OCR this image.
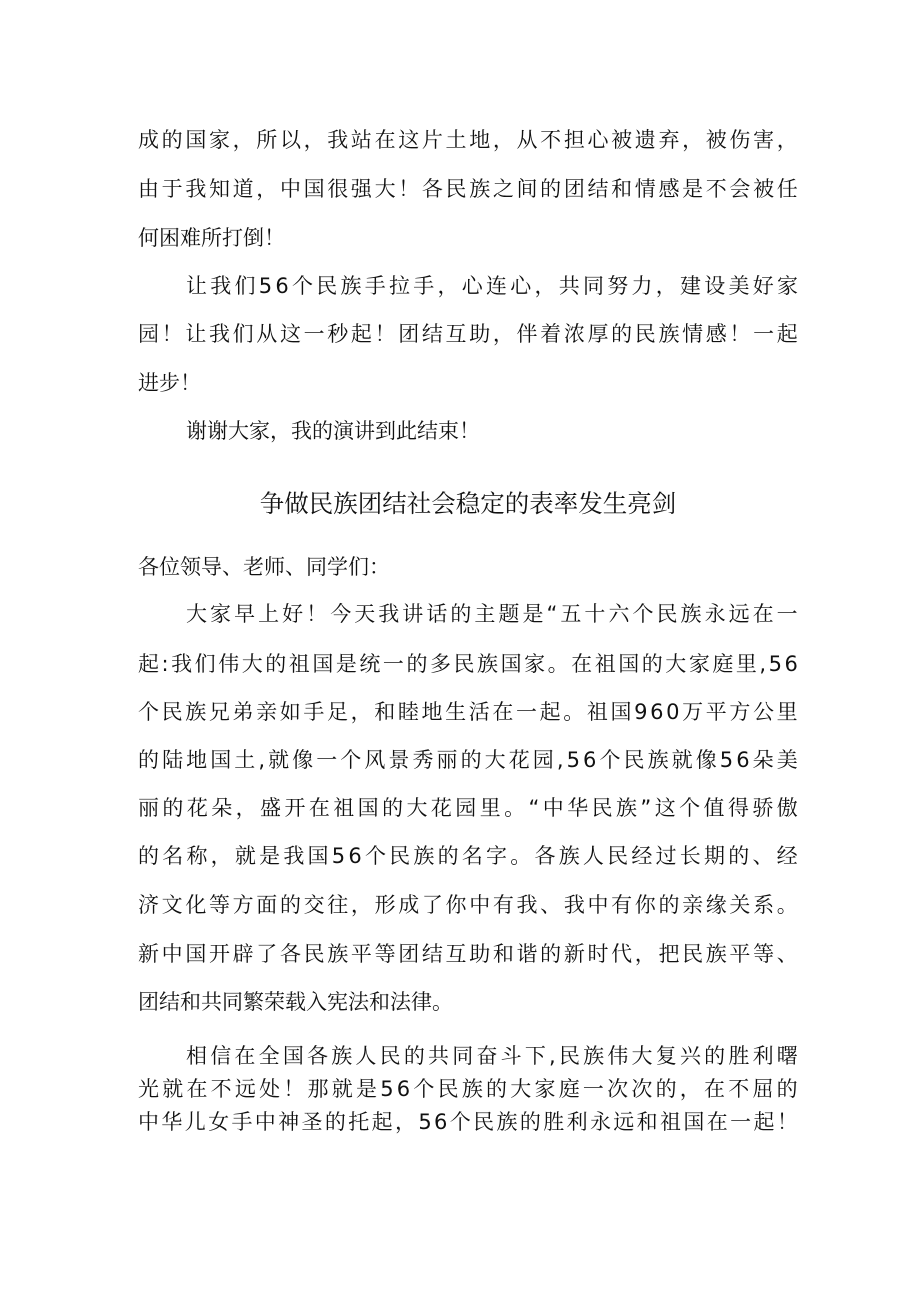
成 的 国 家 ， 所 以 ， 我 站 在 这 片 土 地 ， 从 不 担 心 被 遗 弃 ， 被 伤 害 ，
由 于 我 知 道 ， 中 国 很 强 大 ！ 各 民 族 之 间 的 团 结 和 情 感 是 不 会 被 任
何困难所打倒！
让 我 们 5 6 个 民 族 手 拉 手 ， 心 连 心 ， 共 同 努 力 ， 建 设 美 好 家
园 ！ 让 我 们 从 这 一 秒 起 ！ 团 结 互 助 ， 伴 着 浓 厚 的 民 族 情 感 ！ 一 起
进步！
谢谢大家，我的演讲到此结束！
争做民族团结社会稳定的表率发生亮剑
各位领导、老师、同学们：
大 家 早 上 好 ！ 今 天 我 讲 话 的 主 题 是 “ 五 十 六 个 民 族 永 远 在 一
起 : 我 们 伟 大 的 祖 国 是 统 一 的 多 民 族 国 家 。 在 祖 国 的 大 家 庭 里 , 5 6
个 民 族 兄 弟 亲 如 手 足 ， 和 睦 地 生 活 在 一 起 。 祖 国 9 6 0 万 平 方 公 里
的 陆 地 国 土 , 就 像 一 个 风 景 秀 丽 的 大 花 园 , 5 6 个 民 族 就 像 5 6 朵 美
丽 的 花 朵 ， 盛 开 在 祖 国 的 大 花 园 里 。 “ 中 华 民 族 ” 这 个 值 得 骄 傲
的 名 称 ， 就 是 我 国 5 6 个 民 族 的 名 字 。 各 族 人 民 经 过 长 期 的 、 经
济 文 化 等 方 面 的 交 往 ， 形 成 了 你 中 有 我 、 我 中 有 你 的 亲 缘 关 系 。
新 中 国 开 辟 了 各 民 族 平 等 团 结 互 助 和 谐 的 新 时 代 ， 把 民 族 平 等 、
团结和共同繁荣载入宪法和法律。
相 信 在 全 国 各 族 人 民 的 共 同 奋 斗 下 , 民 族 伟 大 复 兴 的 胜 利 曙
光 就 在 不 远 处 ！ 那 就 是 5 6 个 民 族 的 大 家 庭 一 次 次 的 ， 在 不 屈 的
中 华 儿 女 手 中 神 圣 的 托 起 ， 5 6 个 民 族 的 胜 利 永 远 和 祖 国 在 一 起 ！
